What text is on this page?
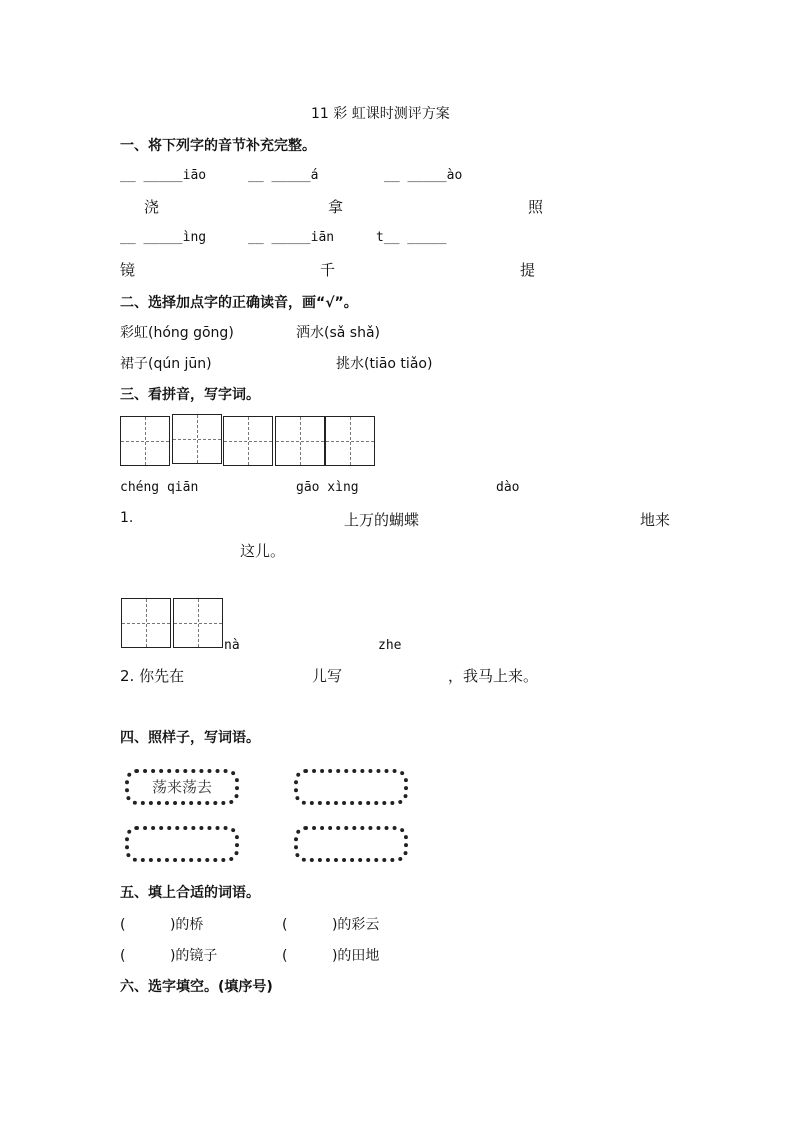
11 彩 虹课时测评方案
一、将下列字的音节补充完整。
__ _____iāo	__ _____á	__ _____ào
浇	拿	照
__ _____ìng	__ _____iān	t__ _____
镜	千	提
二、选择加点字的正确读音，画“√”。
彩虹(hóng gōng)	洒水(sǎ shǎ)
裙子(qún jūn)	挑水(tiāo tiǎo)
三、看拼音，写字词。
chéng qiān	gāo xìng	dào
1.	上万的蝴蝶	地来
这儿。
nà	zhe
2. 你先在	儿写	，我马上来。
四、照样子，写词语。
荡来荡去
五、填上合适的词语。
(          )的桥	(          )的彩云
(          )的镜子	(          )的田地
六、选字填空。(填序号)
